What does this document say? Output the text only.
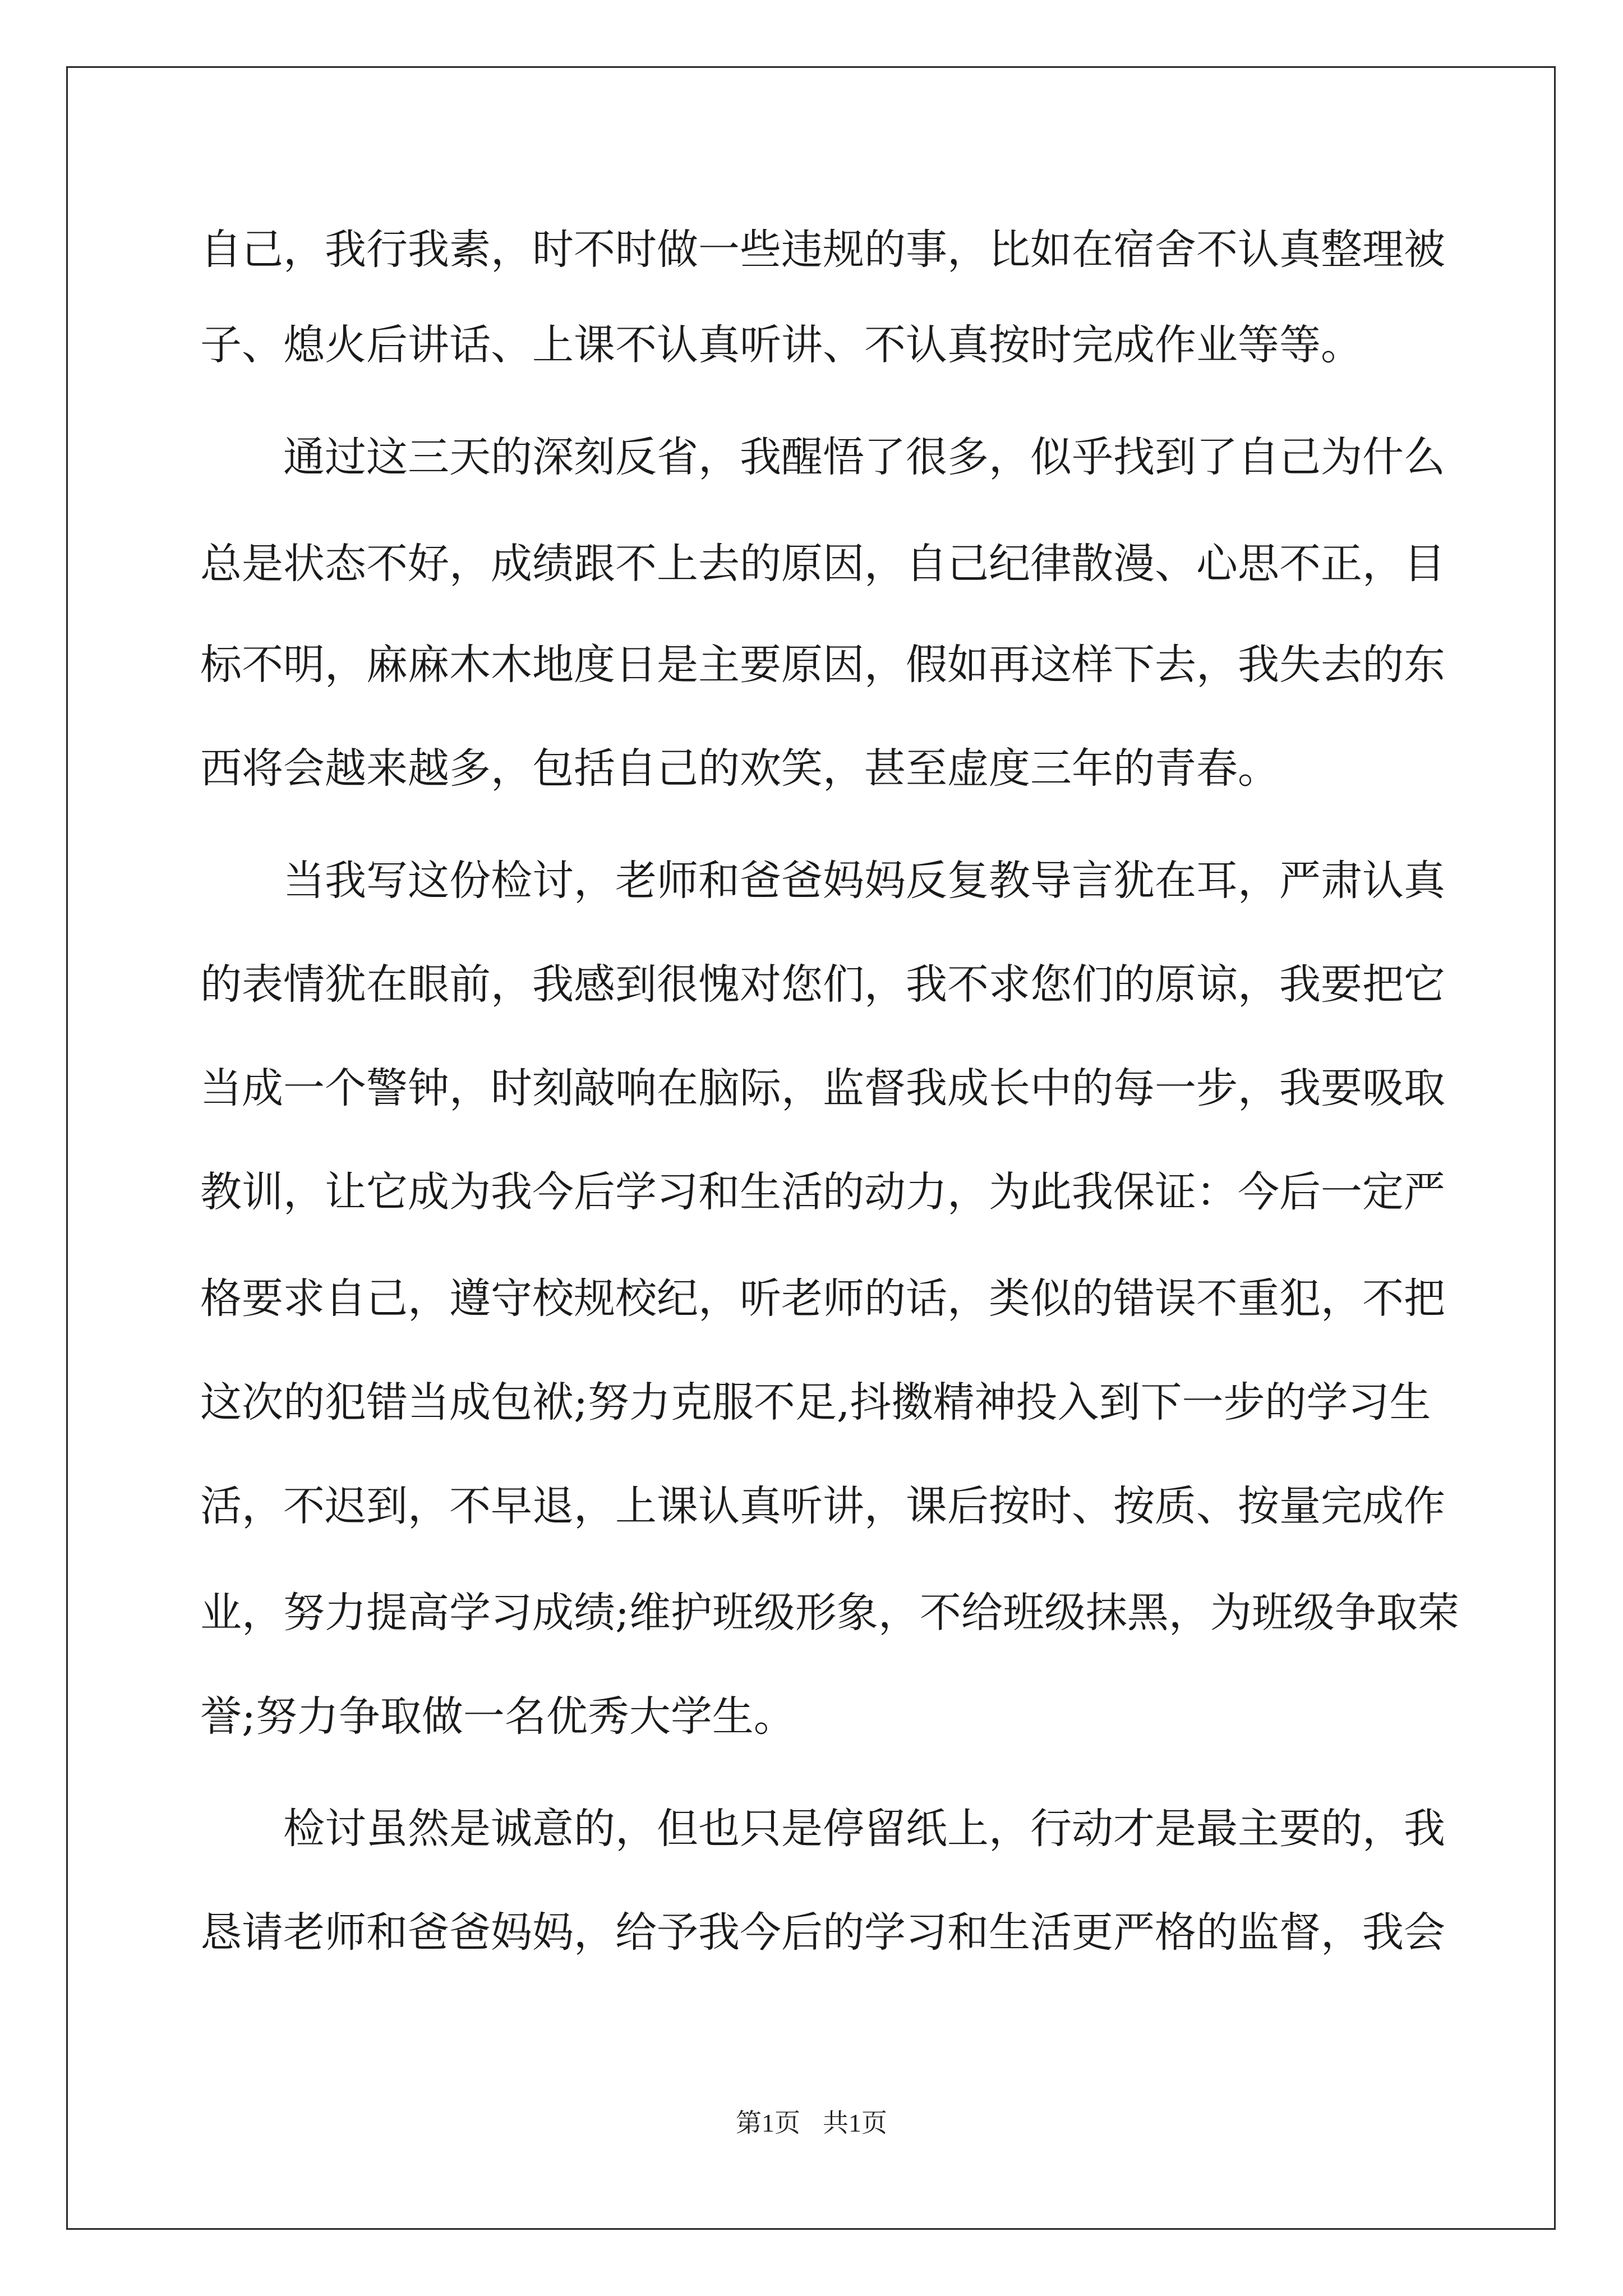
自己，我行我素，时不时做一些违规的事，比如在宿舍不认真整理被
子、熄火后讲话、上课不认真听讲、不认真按时完成作业等等。
　　通过这三天的深刻反省，我醒悟了很多，似乎找到了自己为什么
总是状态不好，成绩跟不上去的原因，自己纪律散漫、心思不正，目
标不明，麻麻木木地度日是主要原因，假如再这样下去，我失去的东
西将会越来越多，包括自己的欢笑，甚至虚度三年的青春。
　　当我写这份检讨，老师和爸爸妈妈反复教导言犹在耳，严肃认真
的表情犹在眼前，我感到很愧对您们，我不求您们的原谅，我要把它
当成一个警钟，时刻敲响在脑际，监督我成长中的每一步，我要吸取
教训，让它成为我今后学习和生活的动力，为此我保证：今后一定严
格要求自己，遵守校规校纪，听老师的话，类似的错误不重犯，不把
这次的犯错当成包袱;努力克服不足,抖擞精神投入到下一步的学习生
活，不迟到，不早退，上课认真听讲，课后按时、按质、按量完成作
业，努力提高学习成绩;维护班级形象，不给班级抹黑，为班级争取荣
誉;努力争取做一名优秀大学生。
　　检讨虽然是诚意的，但也只是停留纸上，行动才是最主要的，我
恳请老师和爸爸妈妈，给予我今后的学习和生活更严格的监督，我会
第1页 共1页
